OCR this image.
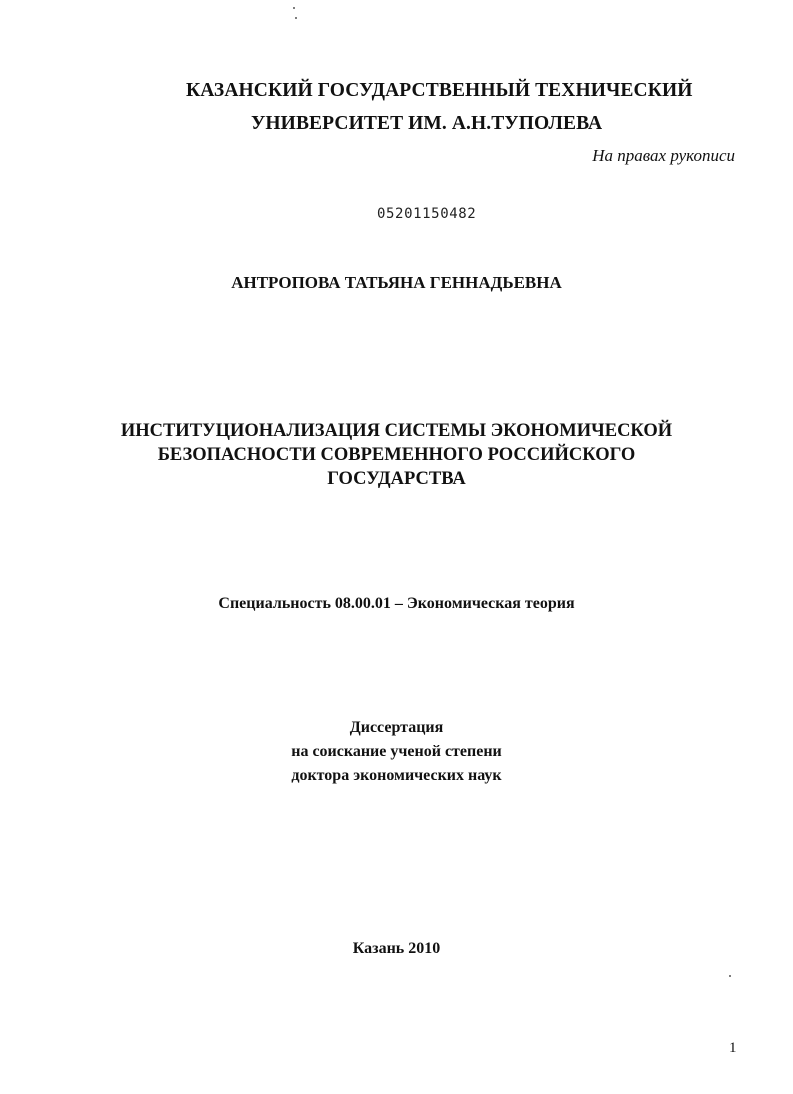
КАЗАНСКИЙ ГОСУДАРСТВЕННЫЙ ТЕХНИЧЕСКИЙ
УНИВЕРСИТЕТ ИМ. А.Н.ТУПОЛЕВА
На правах рукописи
05201150482
АНТРОПОВА ТАТЬЯНА ГЕННАДЬЕВНА
ИНСТИТУЦИОНАЛИЗАЦИЯ СИСТЕМЫ ЭКОНОМИЧЕСКОЙ
БЕЗОПАСНОСТИ СОВРЕМЕННОГО РОССИЙСКОГО
ГОСУДАРСТВА
Специальность 08.00.01 – Экономическая теория
Диссертация
на соискание ученой степени
доктора экономических наук
Казань 2010
1
